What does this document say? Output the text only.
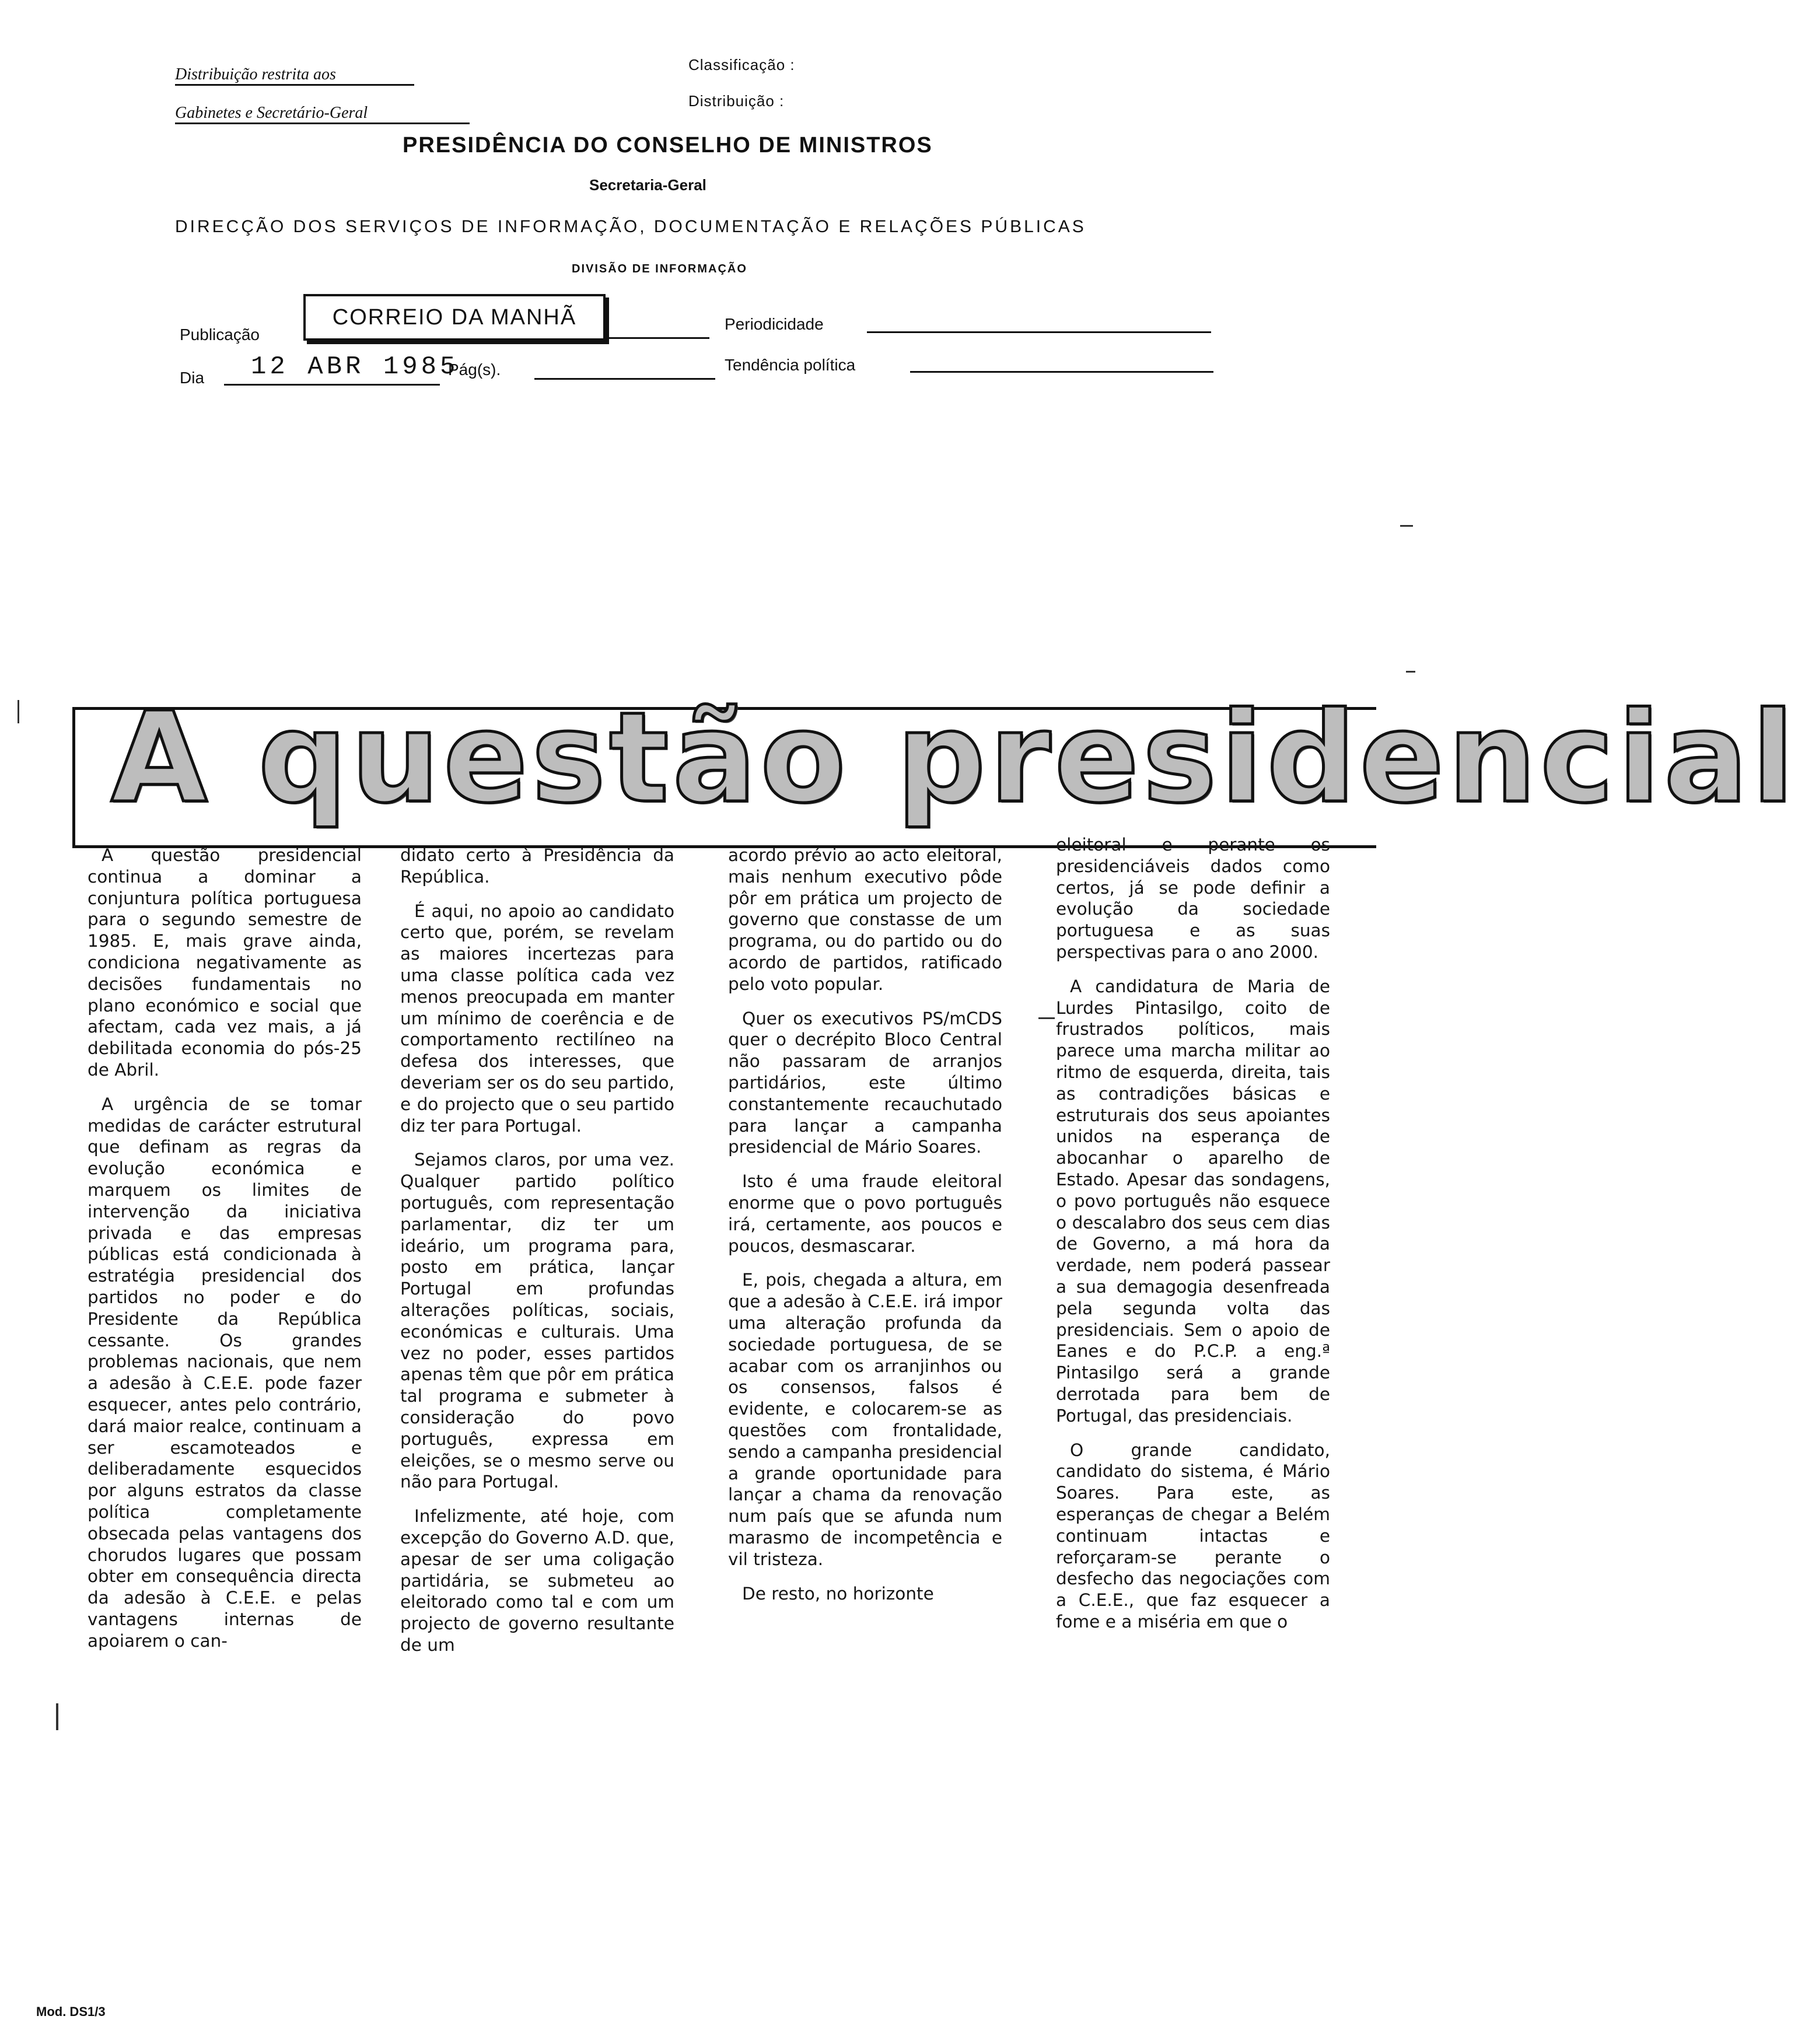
Distribuição restrita aos
Gabinetes e Secretário-Geral
Classificação :
Distribuição :
PRESIDÊNCIA DO CONSELHO DE MINISTROS
Secretaria-Geral
DIRECÇÃO DOS SERVIÇOS DE INFORMAÇÃO, DOCUMENTAÇÃO E RELAÇÕES PÚBLICAS
DIVISÃO DE INFORMAÇÃO
Publicação
CORREIO DA MANHÃ	Periodicidade
Dia 12 ABR 1985
Pág(s).	Tendência política
A questão presidencial

A questão presidencial continua a dominar a conjuntura política portuguesa para o segundo semestre de 1985. E, mais grave ainda, condiciona negativamente as decisões fundamentais no plano económico e social que afectam, cada vez mais, a já debilitada economia do pós-25 de Abril.

A urgência de se tomar medidas de carácter estrutural que definam as regras da evolução económica e marquem os limites de intervenção da iniciativa privada e das empresas públicas está condicionada à estratégia presidencial dos partidos no poder e do Presidente da República cessante. Os grandes problemas nacionais, que nem a adesão à C.E.E. pode fazer esquecer, antes pelo contrário, dará maior realce, continuam a ser escamoteados e deliberadamente esquecidos por alguns estratos da classe política completamente obsecada pelas vantagens dos chorudos lugares que possam obter em consequência directa da adesão à C.E.E. e pelas vantagens internas de apoiarem o can-

didato certo à Presidência da República.

É aqui, no apoio ao candidato certo que, porém, se revelam as maiores incertezas para uma classe política cada vez menos preocupada em manter um mínimo de coerência e de comportamento rectilíneo na defesa dos interesses, que deveriam ser os do seu partido, e do projecto que o seu partido diz ter para Portugal.

Sejamos claros, por uma vez. Qualquer partido político português, com representação parlamentar, diz ter um ideário, um programa para, posto em prática, lançar Portugal em profundas alterações políticas, sociais, económicas e culturais. Uma vez no poder, esses partidos apenas têm que pôr em prática tal programa e submeter à consideração do povo português, expressa em eleições, se o mesmo serve ou não para Portugal.

Infelizmente, até hoje, com excepção do Governo A.D. que, apesar de ser uma coligação partidária, se submeteu ao eleitorado como tal e com um projecto de governo resultante de um

acordo prévio ao acto eleitoral, mais nenhum executivo pôde pôr em prática um projecto de governo que constasse de um programa, ou do partido ou do acordo de partidos, ratificado pelo voto popular.

Quer os executivos PS/mCDS quer o decrépito Bloco Central não passaram de arranjos partidários, este último constantemente recauchutado para lançar a campanha presidencial de Mário Soares.

Isto é uma fraude eleitoral enorme que o povo português irá, certamente, aos poucos e poucos, desmascarar.

E, pois, chegada a altura, em que a adesão à C.E.E. irá impor uma alteração profunda da sociedade portuguesa, de se acabar com os arranjinhos ou os consensos, falsos é evidente, e colocarem-se as questões com frontalidade, sendo a campanha presidencial a grande oportunidade para lançar a chama da renovação num país que se afunda num marasmo de incompetência e vil tristeza.

De resto, no horizonte

eleitoral e perante os presidenciáveis dados como certos, já se pode definir a evolução da sociedade portuguesa e as suas perspectivas para o ano 2000.

A candidatura de Maria de Lurdes Pintasilgo, coito de frustrados políticos, mais parece uma marcha militar ao ritmo de esquerda, direita, tais as contradições básicas e estruturais dos seus apoiantes unidos na esperança de abocanhar o aparelho de Estado. Apesar das sondagens, o povo português não esquece o descalabro dos seus cem dias de Governo, a má hora da verdade, nem poderá passear a sua demagogia desenfreada pela segunda volta das presidenciais. Sem o apoio de Eanes e do P.C.P. a eng.ª Pintasilgo será a grande derrotada para bem de Portugal, das presidenciais.

O grande candidato, candidato do sistema, é Mário Soares. Para este, as esperanças de chegar a Belém continuam intactas e reforçaram-se perante o desfecho das negociações com a C.E.E., que faz esquecer a fome e a miséria em que o

Mod. DS1/3
